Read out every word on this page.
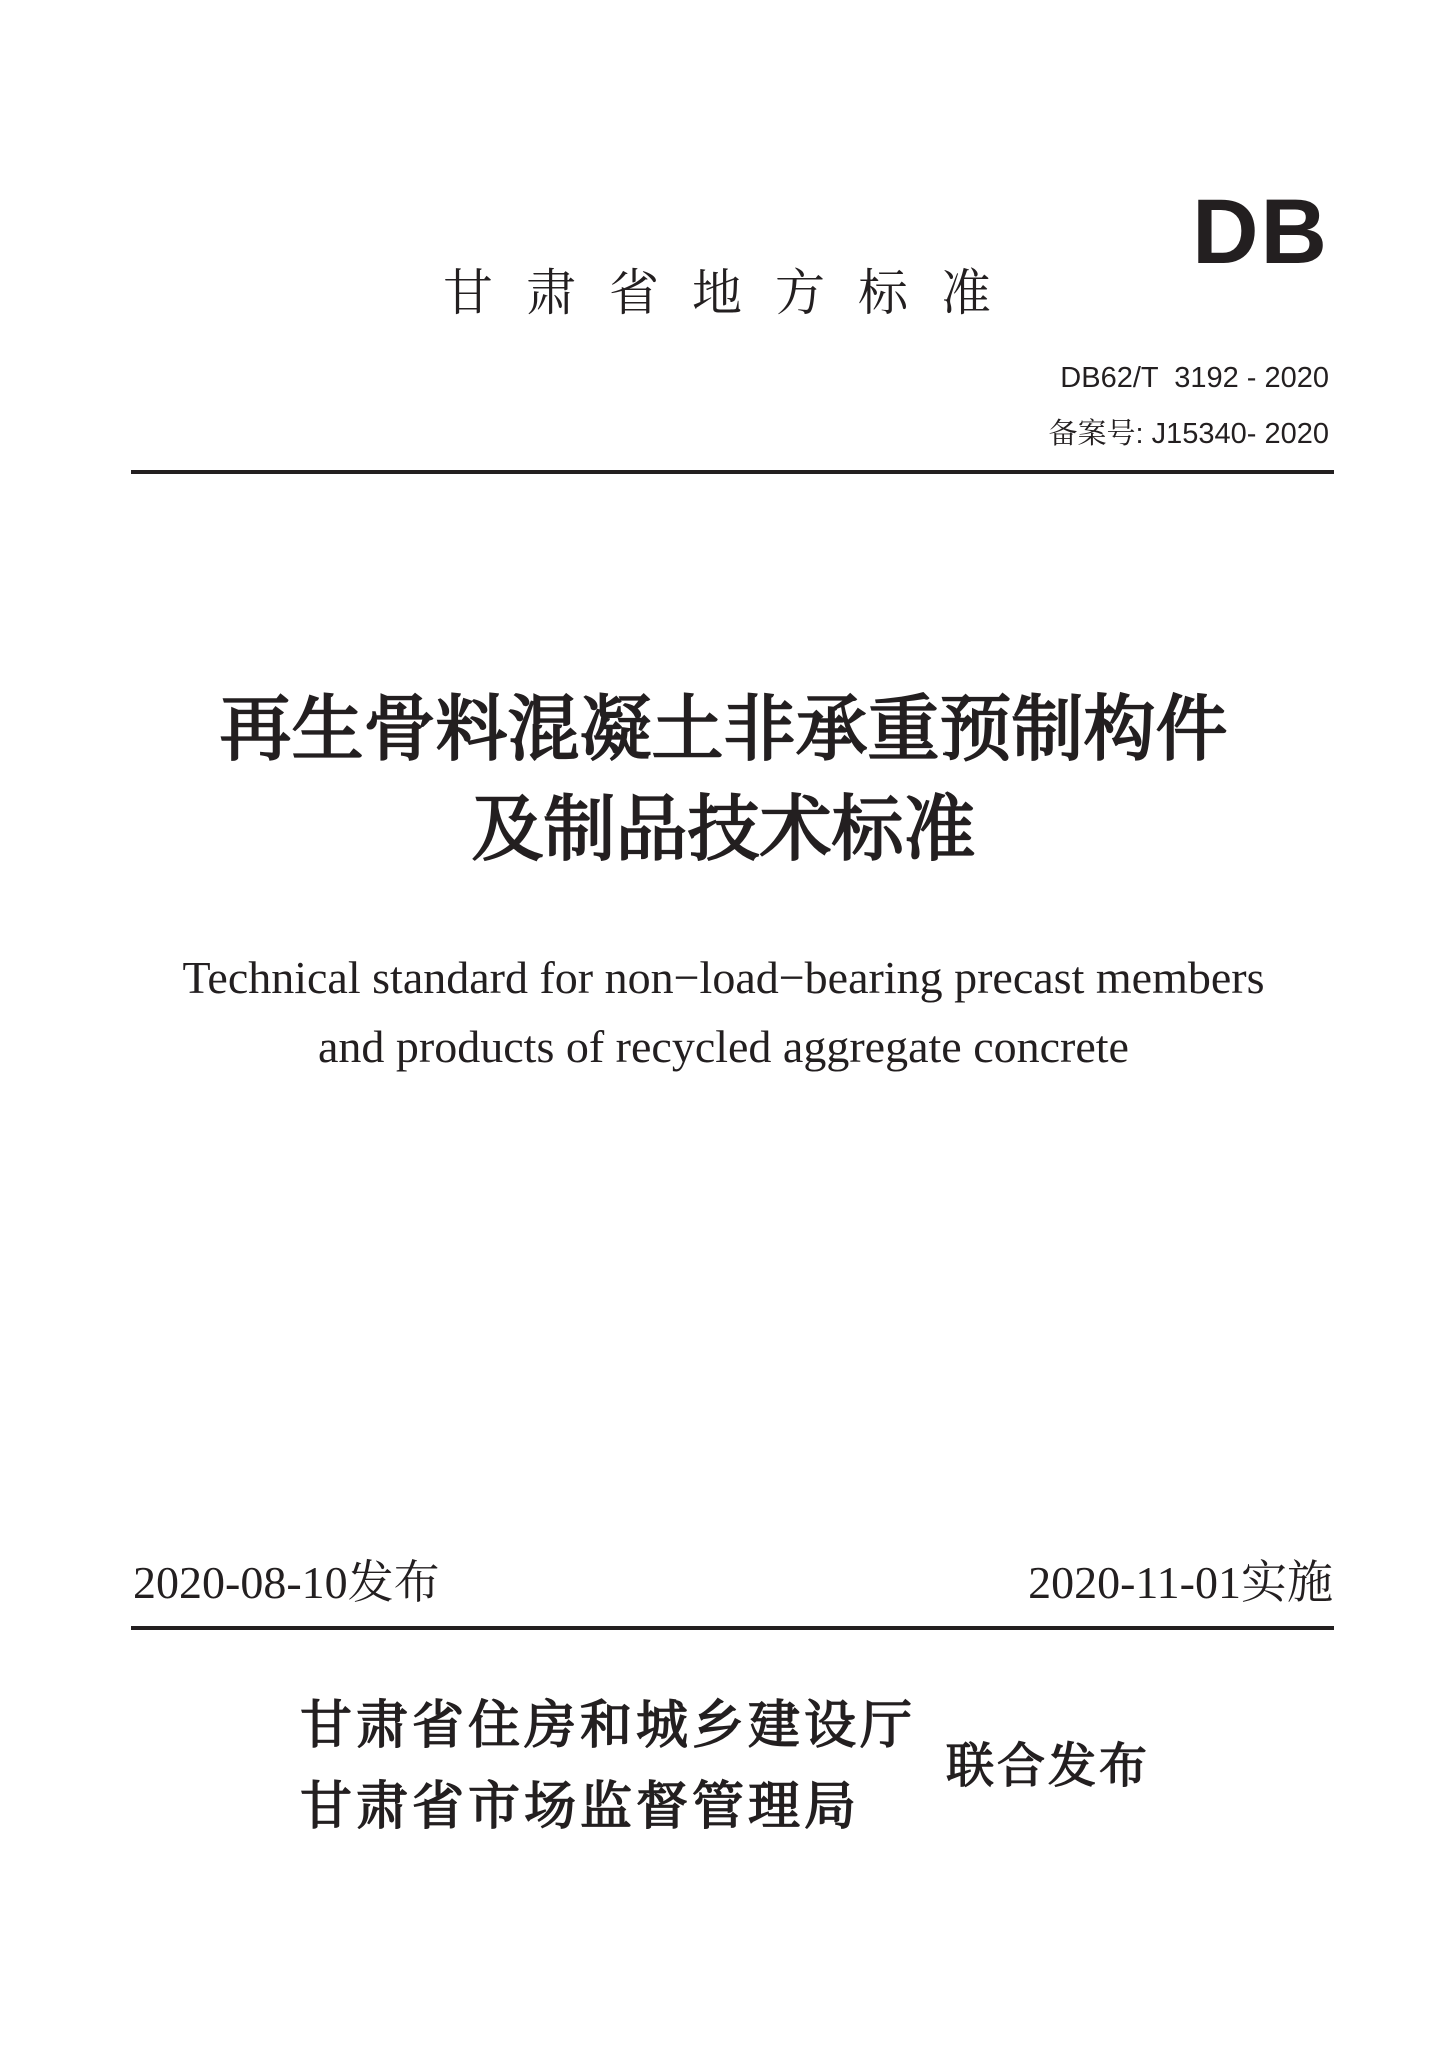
DB
甘肃省地方标准
DB62/T  3192 - 2020
备案号: J15340- 2020
再生骨料混凝土非承重预制构件
及制品技术标准
Technical standard for non−load−bearing precast members
and products of recycled aggregate concrete
2020-08-10发布	2020-11-01实施
甘肃省住房和城乡建设厅
甘肃省市场监督管理局
联合发布
